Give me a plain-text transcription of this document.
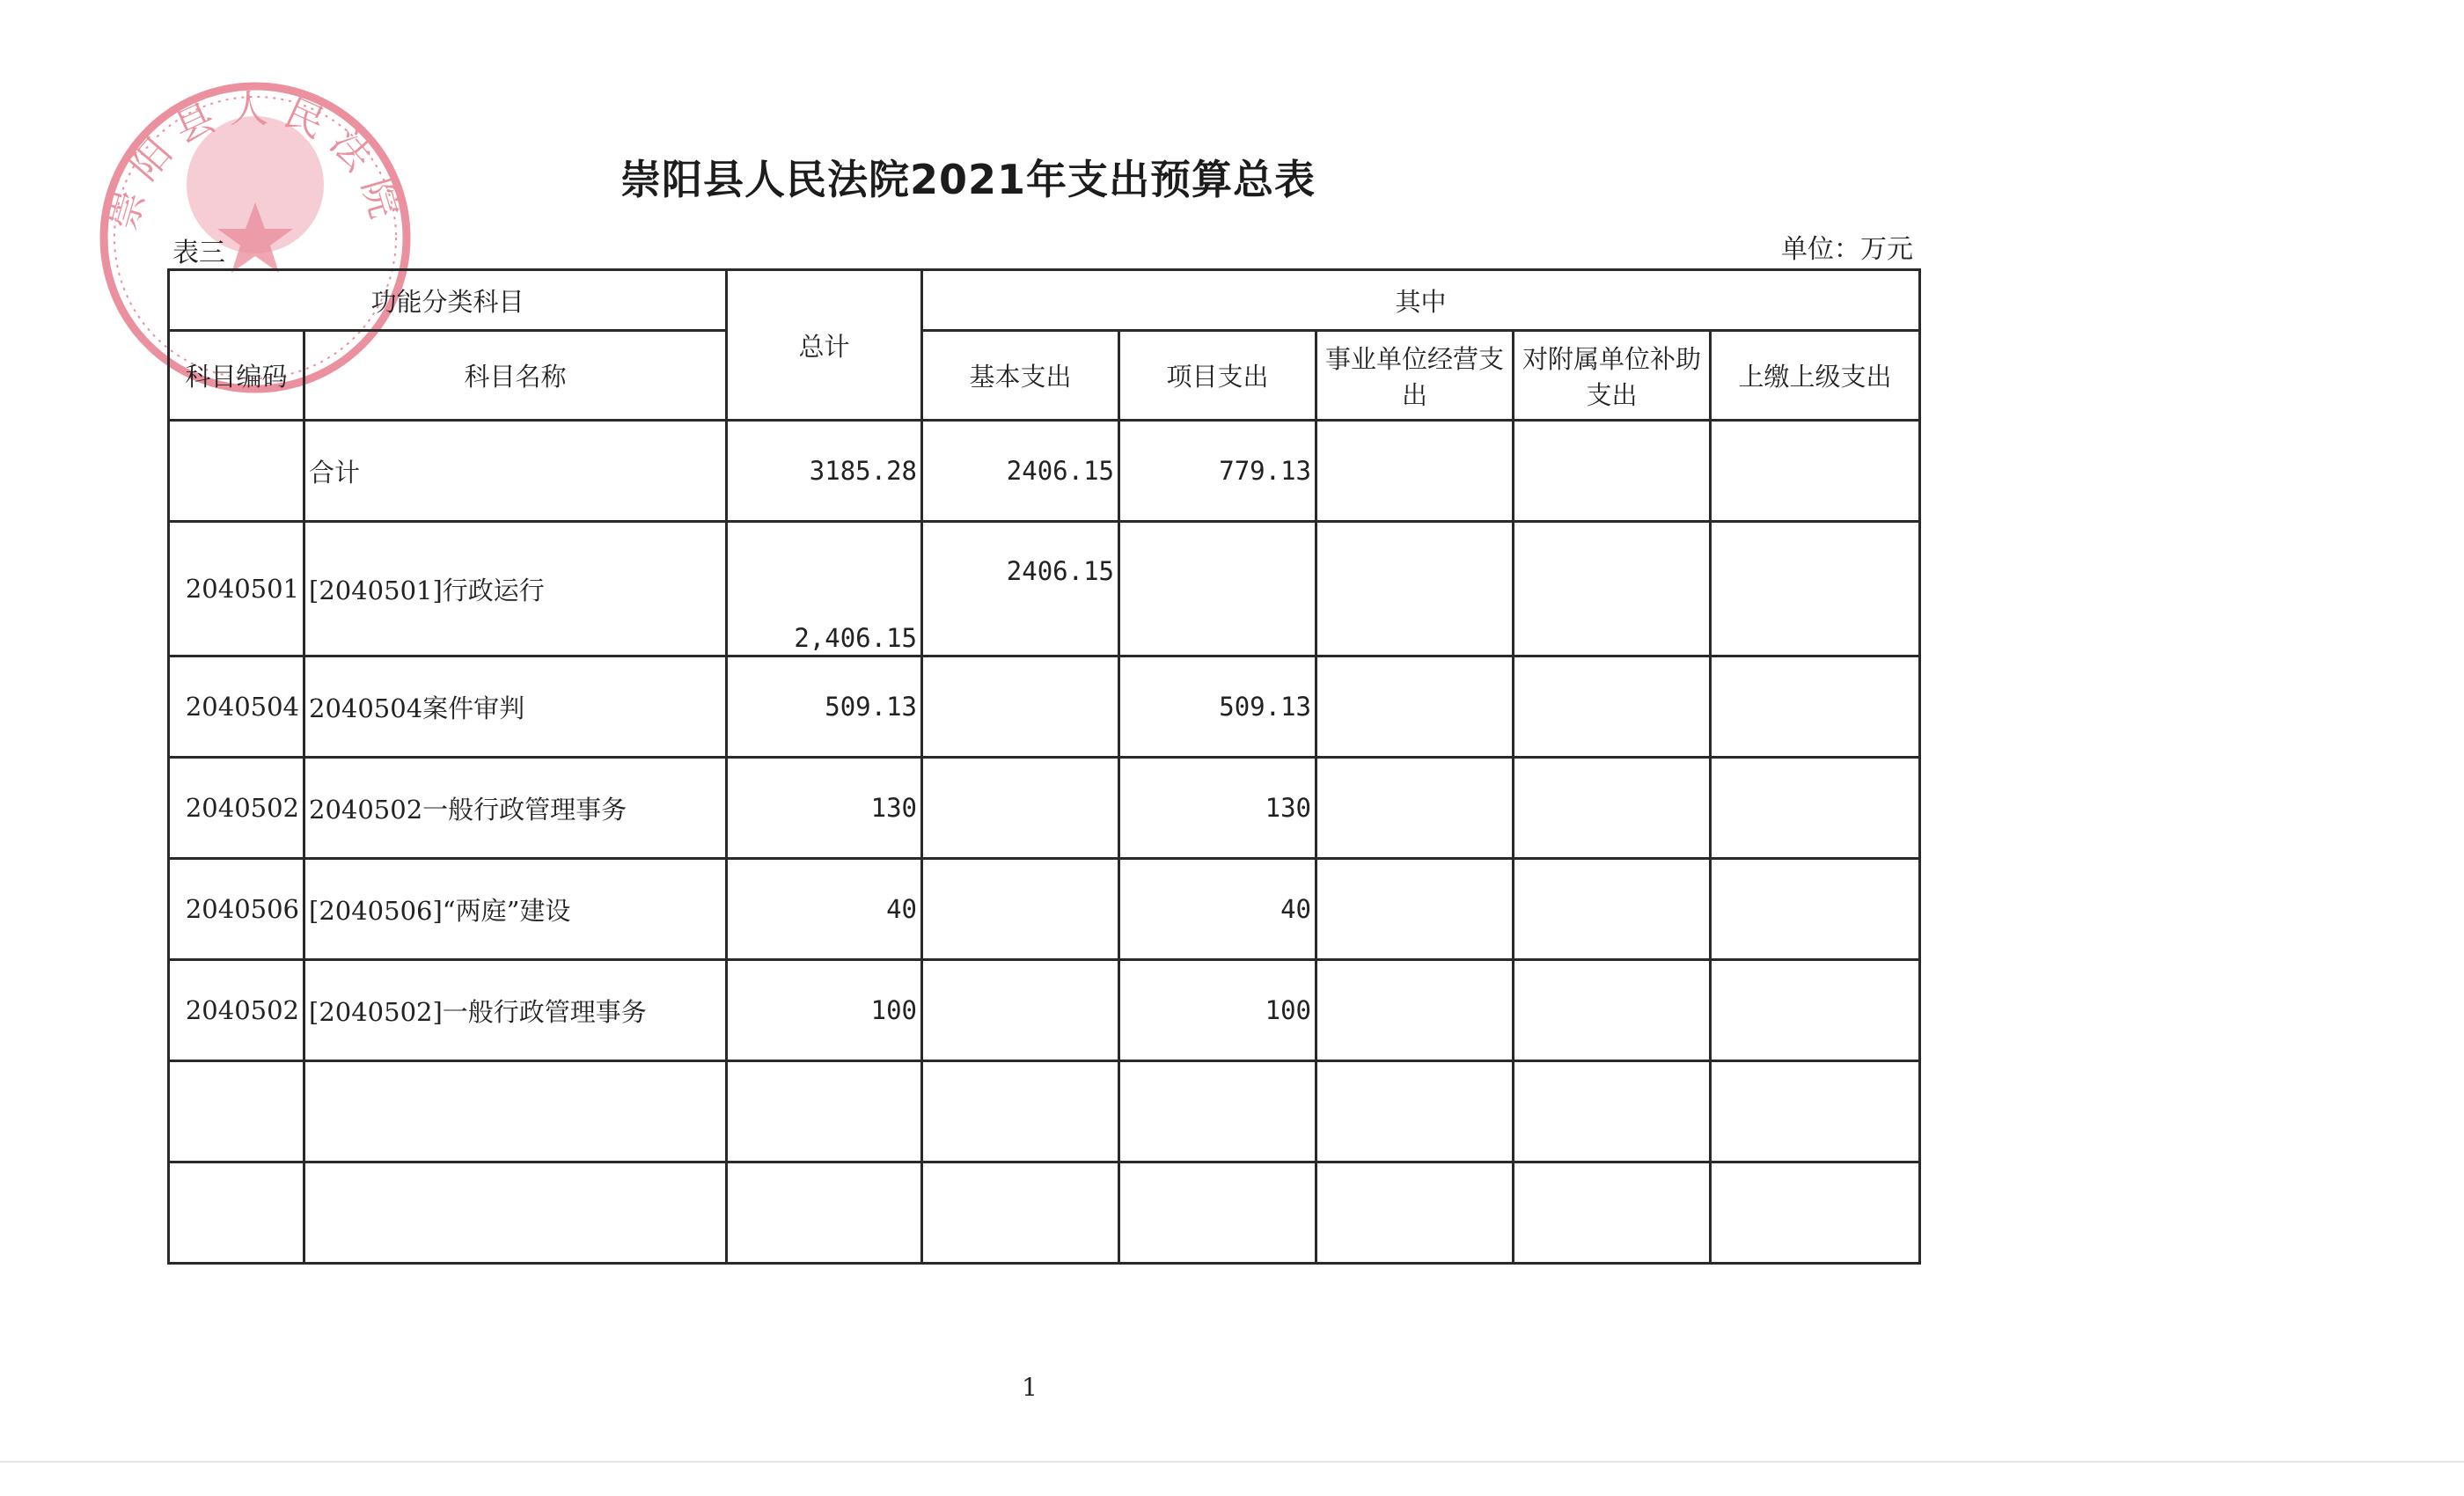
崇阳县人民法院	崇阳县人民法院2021年支出预算总表
表三	单位：万元
功能分类科目		总计	其中				
科目编码	科目名称		基本支出	项目支出	事业单位经营支出	对附属单位补助支出	上缴上级支出
	合计	3185.28	2406.15	779.13			
2040501	[2040501]行政运行	2,406.15	2406.15				
2040504	2040504案件审判	509.13		509.13			
2040502	2040502一般行政管理事务	130		130			
2040506	[2040506]“两庭”建设	40		40			
2040502	[2040502]一般行政管理事务	100		100			

1
